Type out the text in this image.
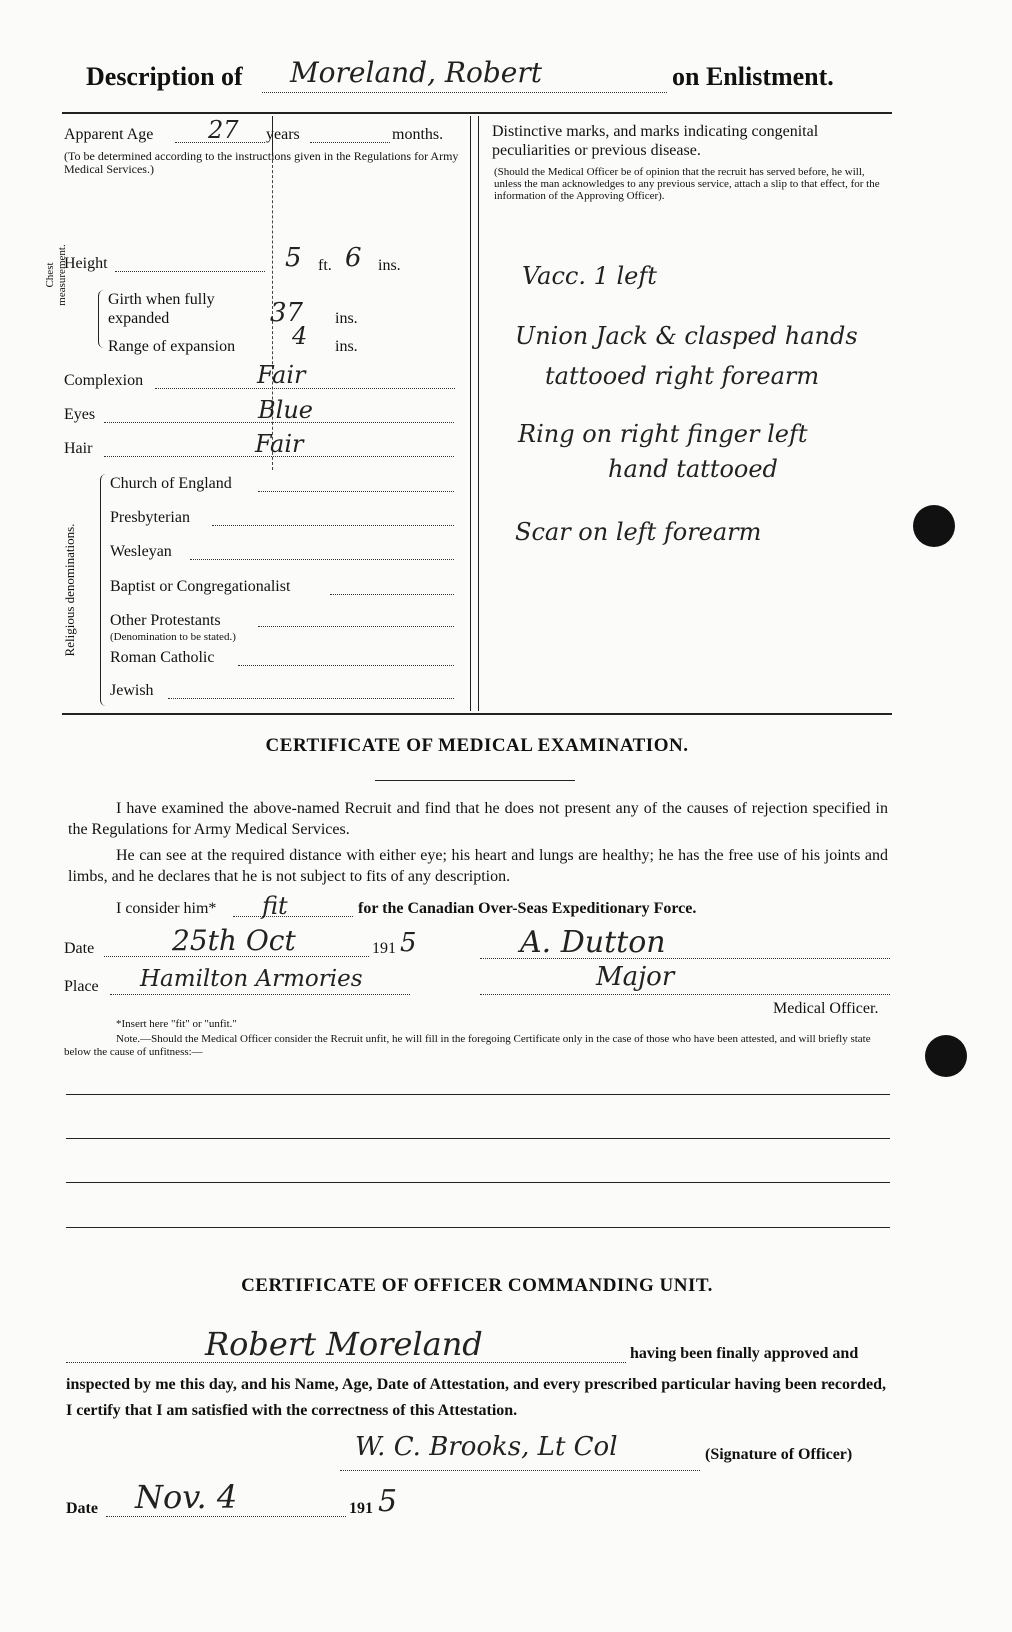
Description of Moreland, Robert	on Enlistment.
Apparent Age 27 years	months.
(To be determined according to the instructions given in the Regulations for Army Medical Services.)
Height	5 ft. 6 ins.
Chest measurement.	Girth when fully expanded	37 ins.
Range of expansion 4 ins.
Complexion	Fair
Eyes	Blue
Hair	Fair
Religious denominations.
Church of England
Presbyterian
Wesleyan
Baptist or Congregationalist
Other Protestants
(Denomination to be stated.)
Roman Catholic
Jewish
Distinctive marks, and marks indicating congenital peculiarities or previous disease.
(Should the Medical Officer be of opinion that the recruit has served before, he will, unless the man acknowledges to any previous service, attach a slip to that effect, for the information of the Approving Officer).
Vacc. 1 left
Union Jack & clasped hands
tattooed right forearm
Ring on right finger left
hand tattooed
Scar on left forearm
CERTIFICATE OF MEDICAL EXAMINATION.
I have examined the above-named Recruit and find that he does not present any of the causes of rejection specified in the Regulations for Army Medical Services.
He can see at the required distance with either eye; his heart and lungs are healthy; he has the free use of his joints and limbs, and he declares that he is not subject to fits of any description.
I consider him* fit	for the Canadian Over-Seas Expeditionary Force.
Date	25th Oct	191 5	A. Dutton
Place Hamilton Armories	Major
Medical Officer.
*Insert here "fit" or "unfit."
Note.—Should the Medical Officer consider the Recruit unfit, he will fill in the foregoing Certificate only in the case of those who have been attested, and will briefly state below the cause of unfitness:—
CERTIFICATE OF OFFICER COMMANDING UNIT.
Robert Moreland	having been finally approved and
inspected by me this day, and his Name, Age, Date of Attestation, and every prescribed particular having been recorded, I certify that I am satisfied with the correctness of this Attestation.
W. C. Brooks, Lt Col	(Signature of Officer)
Date Nov. 4	191 5
